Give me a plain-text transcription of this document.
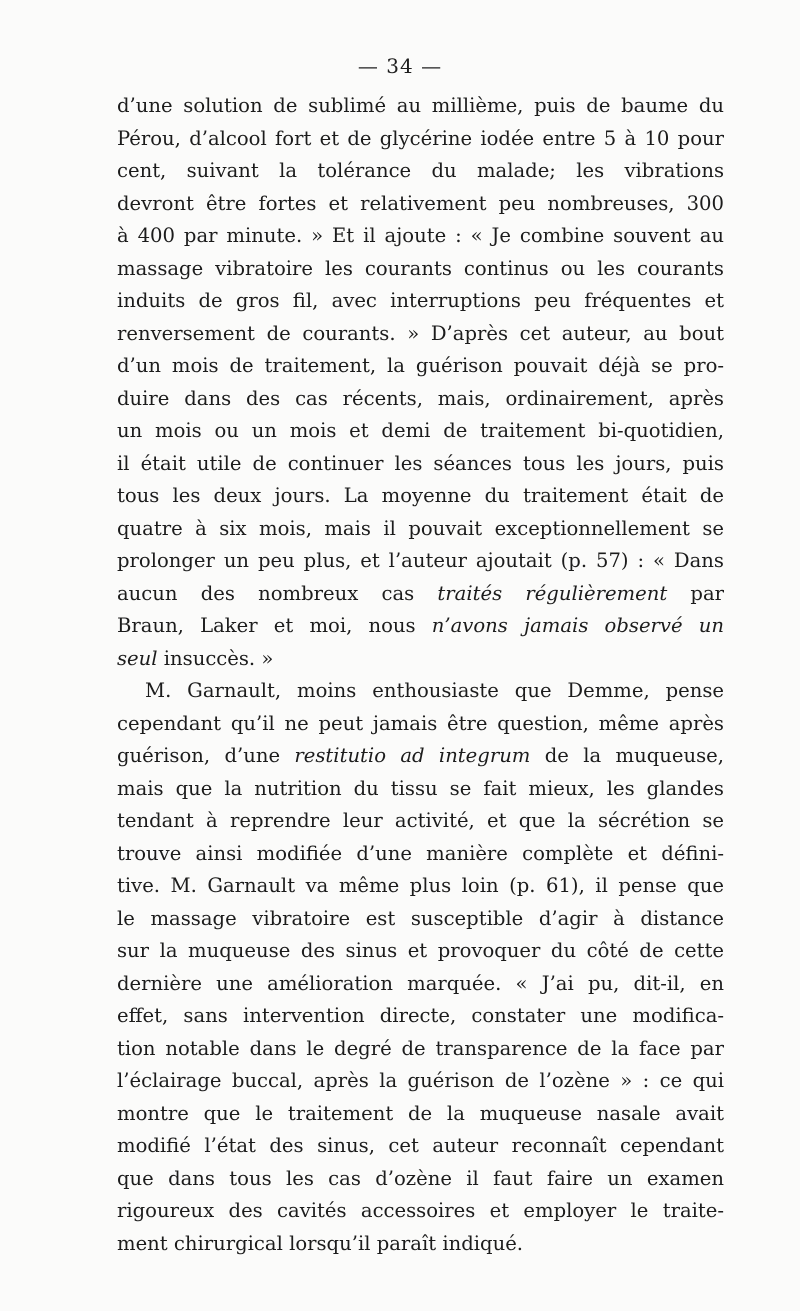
— 34 —
d’une solution de sublimé au millième, puis de baume du
Pérou, d’alcool fort et de glycérine iodée entre 5 à 10 pour
cent, suivant la tolérance du malade; les vibrations
devront être fortes et relativement peu nombreuses, 300
à 400 par minute. » Et il ajoute : « Je combine souvent au
massage vibratoire les courants continus ou les courants
induits de gros fil, avec interruptions peu fréquentes et
renversement de courants. » D’après cet auteur, au bout
d’un mois de traitement, la guérison pouvait déjà se pro-
duire dans des cas récents, mais, ordinairement, après
un mois ou un mois et demi de traitement bi-quotidien,
il était utile de continuer les séances tous les jours, puis
tous les deux jours. La moyenne du traitement était de
quatre à six mois, mais il pouvait exceptionnellement se
prolonger un peu plus, et l’auteur ajoutait (p. 57) : « Dans
aucun des nombreux cas traités régulièrement par
Braun, Laker et moi, nous n’avons jamais observé un
seul insuccès. »
M. Garnault, moins enthousiaste que Demme, pense
cependant qu’il ne peut jamais être question, même après
guérison, d’une restitutio ad integrum de la muqueuse,
mais que la nutrition du tissu se fait mieux, les glandes
tendant à reprendre leur activité, et que la sécrétion se
trouve ainsi modifiée d’une manière complète et défini-
tive. M. Garnault va même plus loin (p. 61), il pense que
le massage vibratoire est susceptible d’agir à distance
sur la muqueuse des sinus et provoquer du côté de cette
dernière une amélioration marquée. « J’ai pu, dit-il, en
effet, sans intervention directe, constater une modifica-
tion notable dans le degré de transparence de la face par
l’éclairage buccal, après la guérison de l’ozène » : ce qui
montre que le traitement de la muqueuse nasale avait
modifié l’état des sinus, cet auteur reconnaît cependant
que dans tous les cas d’ozène il faut faire un examen
rigoureux des cavités accessoires et employer le traite-
ment chirurgical lorsqu’il paraît indiqué.
